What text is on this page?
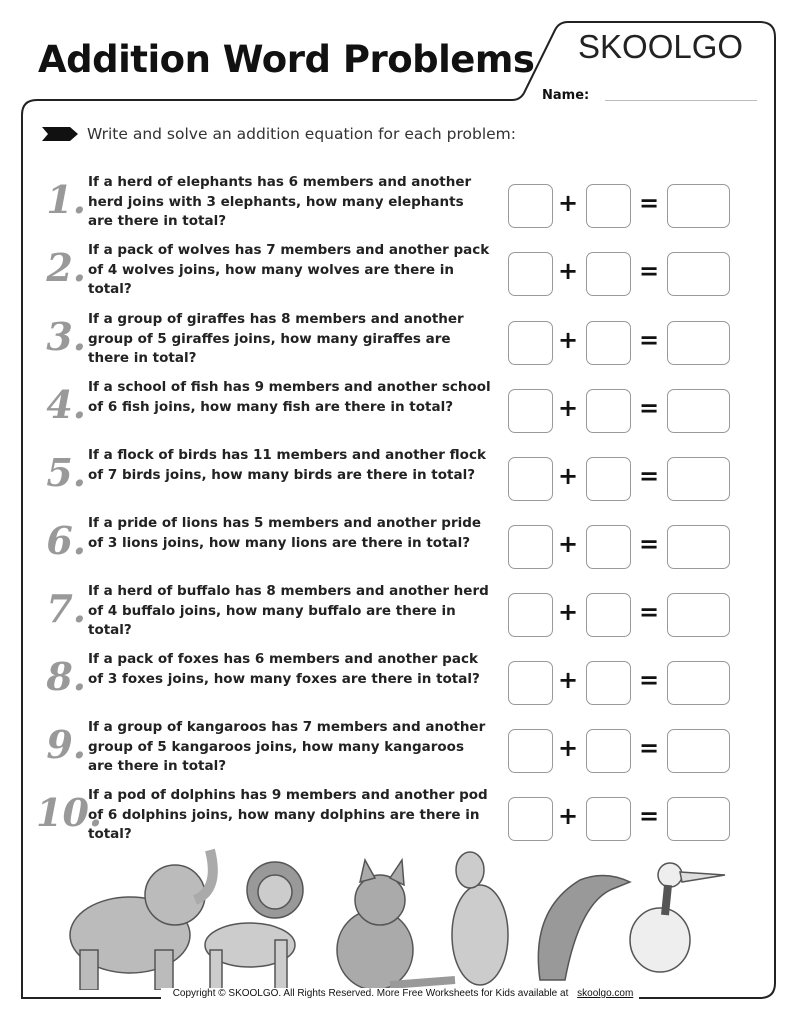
Addition Word Problems SKOOLGO
Name:
Write and solve an addition equation for each problem:
1. If a herd of elephants has 6 members and another herd joins with 3 elephants, how many elephants are there in total?
+	=
2. If a pack of wolves has 7 members and another pack of 4 wolves joins, how many wolves are there in total?
+	=
3. If a group of giraffes has 8 members and another group of 5 giraffes joins, how many giraffes are there in total?
+	=
4. If a school of fish has 9 members and another school of 6 fish joins, how many fish are there in total?	+	=
5. If a flock of birds has 11 members and another flock of 7 birds joins, how many birds are there in total?	+	=
6. If a pride of lions has 5 members and another pride of 3 lions joins, how many lions are there in total?	+	=
7. If a herd of buffalo has 8 members and another herd of 4 buffalo joins, how many buffalo are there in total?
+	=
8. If a pack of foxes has 6 members and another pack of 3 foxes joins, how many foxes are there in total?	+	=
9. If a group of kangaroos has 7 members and another group of 5 kangaroos joins, how many kangaroos are there in total?
+	=
10.
If a pod of dolphins has 9 members and another pod of 6 dolphins joins, how many dolphins are there in total?
+	=
Copyright © SKOOLGO. All Rights Reserved. More Free Worksheets for Kids available at skoolgo.com
